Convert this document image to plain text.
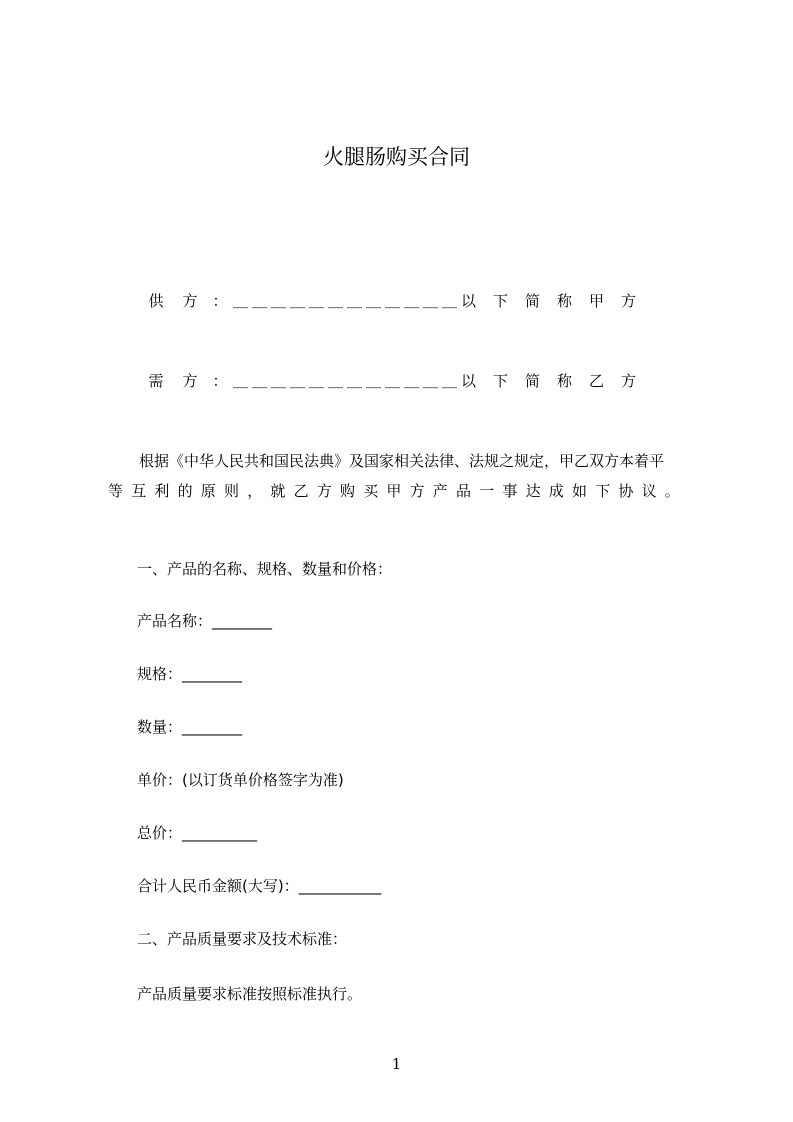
火腿肠购买合同
供 方 ： ＿＿＿＿＿＿＿＿＿＿＿＿以下简称甲方
需 方 ： ＿＿＿＿＿＿＿＿＿＿＿＿以下简称乙方
根据《中华人民共和国民法典》及国家相关法律、法规之规定，甲乙双方本着平
等互利的原则，就乙方购买甲方产品一事达成如下协议。
一、产品的名称、规格、数量和价格：
产品名称：________
规格：________
数量：________
单价：(以订货单价格签字为准)
总价：__________
合计人民币金额(大写)：___________
二、产品质量要求及技术标准：
产品质量要求标准按照标准执行。
1
